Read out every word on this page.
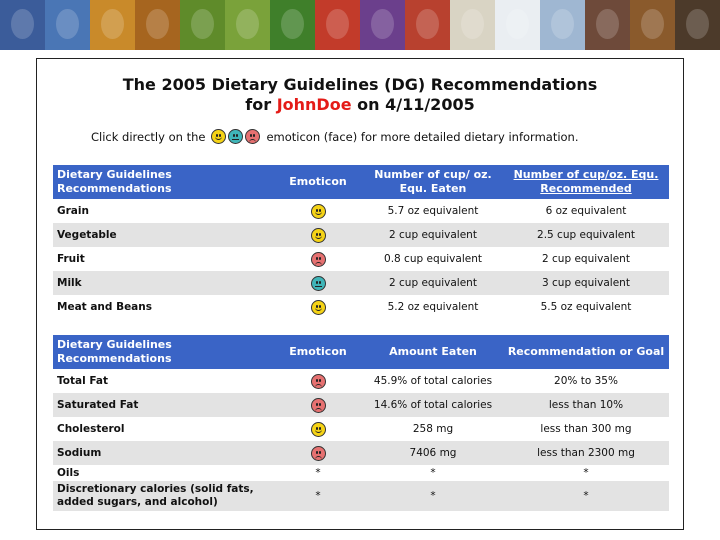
The 2005 Dietary Guidelines (DG) Recommendations
for JohnDoe on 4/11/2005
Click directly on the	emoticon (face) for more detailed dietary information.
Dietary Guidelines Recommendations	Emoticon	Number of cup/ oz. Equ. Eaten	Number of cup/oz. Equ. Recommended
Grain		5.7 oz equivalent	6 oz equivalent
Vegetable		2 cup equivalent	2.5 cup equivalent
Fruit		0.8 cup equivalent	2 cup equivalent
Milk		2 cup equivalent	3 cup equivalent
Meat and Beans		5.2 oz equivalent	5.5 oz equivalent
Dietary Guidelines Recommendations	Emoticon	Amount Eaten	Recommendation or Goal
Total Fat		45.9% of total calories	20% to 35%
Saturated Fat		14.6% of total calories	less than 10%
Cholesterol		258 mg	less than 300 mg
Sodium		7406 mg	less than 2300 mg
Oils	*	*	*
Discretionary calories (solid fats, added sugars, and alcohol)	*	*	*
